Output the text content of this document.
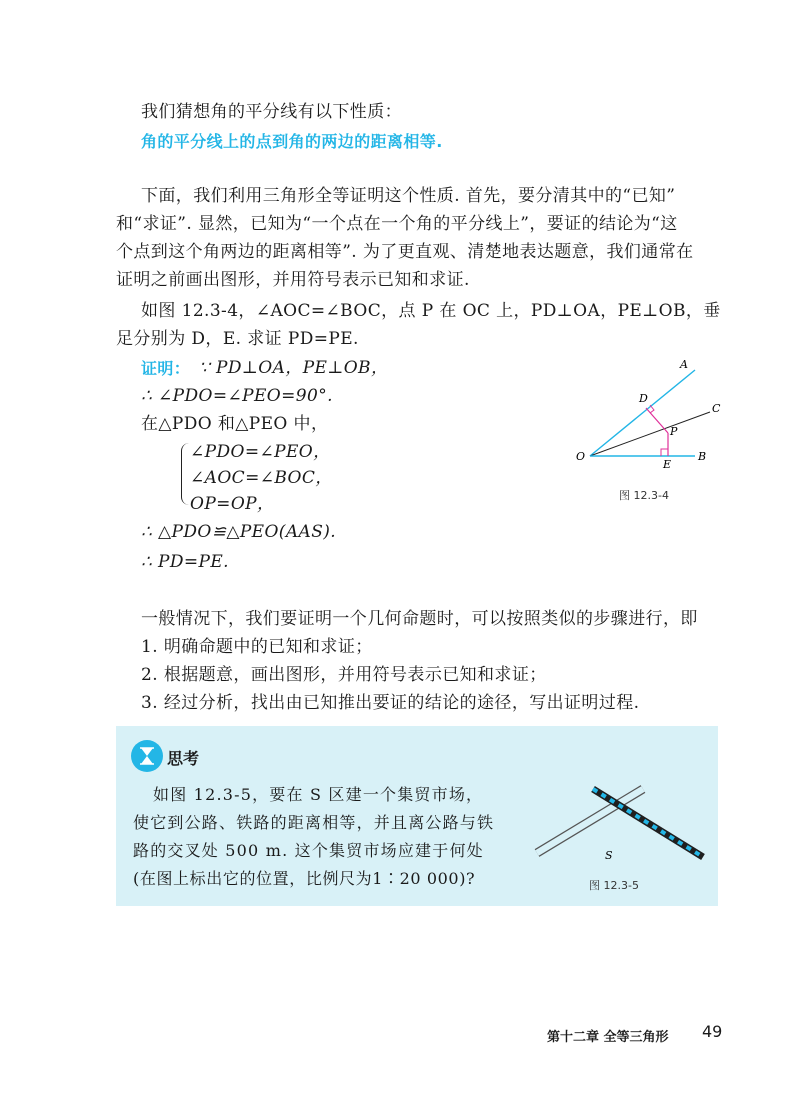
我们猜想角的平分线有以下性质：
角的平分线上的点到角的两边的距离相等.
下面，我们利用三角形全等证明这个性质. 首先，要分清其中的“已知”
和“求证”. 显然，已知为“一个点在一个角的平分线上”，要证的结论为“这
个点到这个角两边的距离相等”. 为了更直观、清楚地表达题意，我们通常在
证明之前画出图形，并用符号表示已知和求证.
如图 12.3-4，∠AOC=∠BOC，点 P 在 OC 上，PD⊥OA，PE⊥OB，垂
足分别为 D，E. 求证 PD=PE.
证明： ∵ PD⊥OA，PE⊥OB，
∴ ∠PDO=∠PEO=90°.
在△PDO 和△PEO 中，
∠PDO=∠PEO，
∠AOC=∠BOC，
OP=OP，
∴ △PDO≌△PEO(AAS).
∴ PD=PE.
A
C
D
P
O
E
B
图 12.3-4
一般情况下，我们要证明一个几何命题时，可以按照类似的步骤进行，即
1. 明确命题中的已知和求证；
2. 根据题意，画出图形，并用符号表示已知和求证；
3. 经过分析，找出由已知推出要证的结论的途径，写出证明过程.
思考
如图 12.3-5，要在 S 区建一个集贸市场，
使它到公路、铁路的距离相等，并且离公路与铁
路的交叉处 500 m. 这个集贸市场应建于何处
(在图上标出它的位置，比例尺为1∶20 000)?
S
图 12.3-5
第十二章 全等三角形 49
